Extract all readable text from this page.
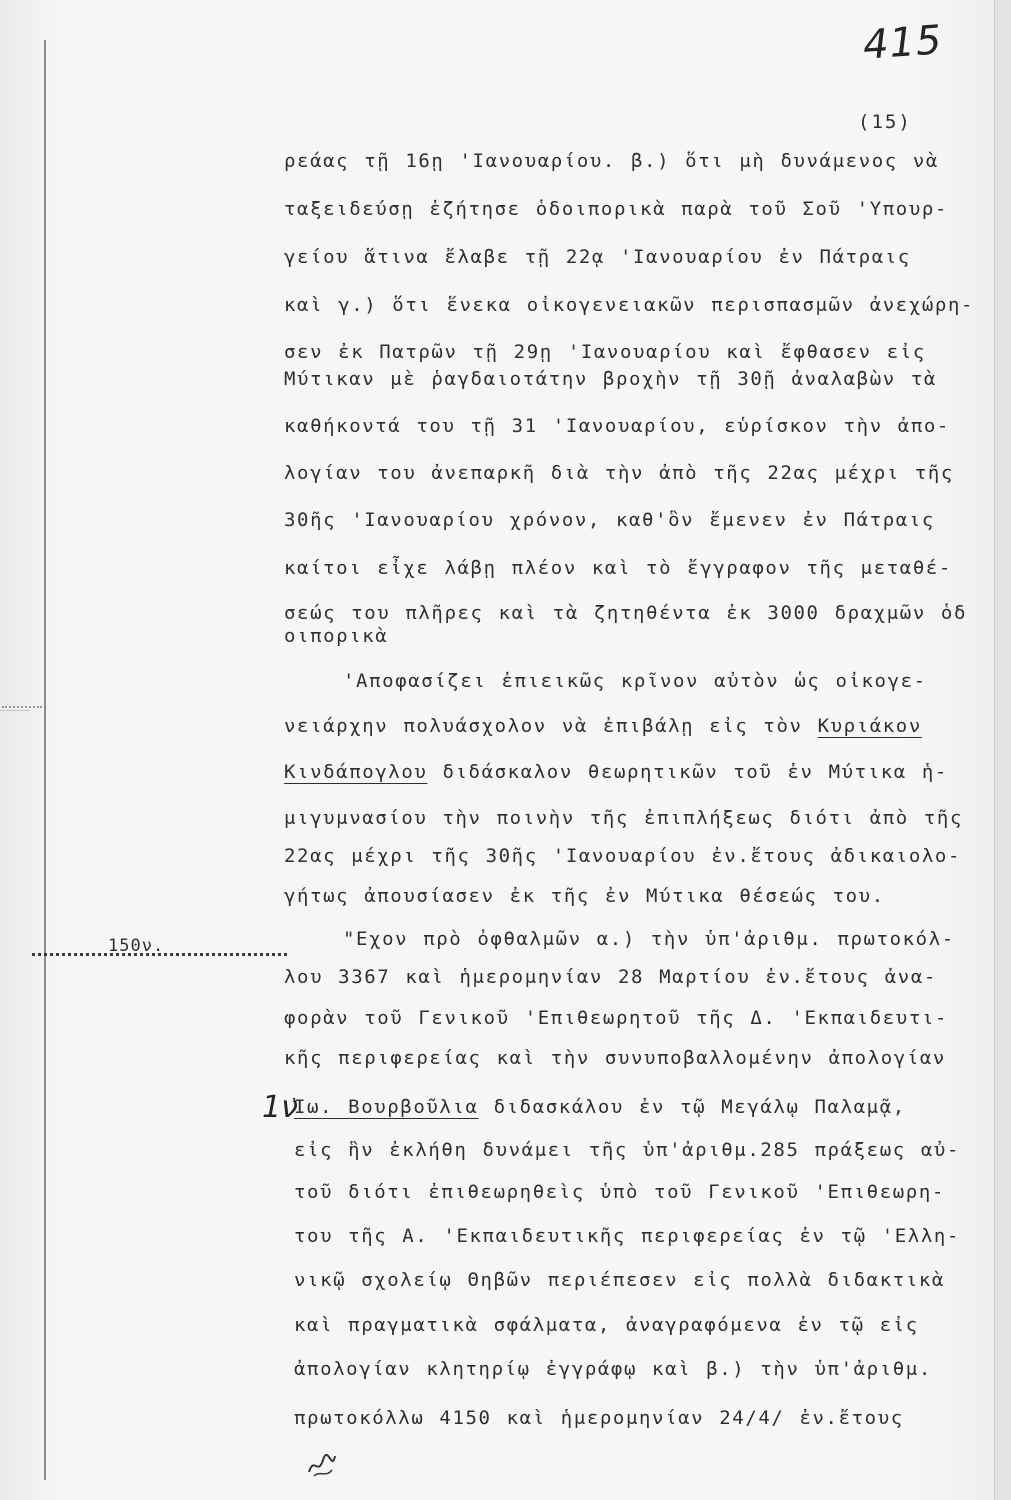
415
(15)
ρεάας τῇ 16ῃ 'Ιανουαρίου. β.) ὅτι μὴ δυνάμενος νὰ
ταξειδεύσῃ ἐζήτησε ὁδοιπορικὰ παρὰ τοῦ Σοῦ 'Υπουρ-
γείου ἅτινα ἔλαβε τῇ 22ᾳ 'Ιανουαρίου ἐν Πάτραις
καὶ γ.) ὅτι ἕνεκα οἰκογενειακῶν περισπασμῶν ἀνεχώρη-
σεν ἐκ Πατρῶν τῇ 29ῃ 'Ιανουαρίου καὶ ἔφθασεν εἰς
Μύτικαν μὲ ῥαγδαιοτάτην βροχὴν τῇ 30ῇ ἀναλαβὼν τὰ
καθήκοντά του τῇ 31 'Ιανουαρίου, εὑρίσκον τὴν ἀπο-
λογίαν του ἀνεπαρκῆ διὰ τὴν ἀπὸ τῆς 22ας μέχρι τῆς
30ῆς 'Ιανουαρίου χρόνον, καθ'ὃν ἔμενεν ἐν Πάτραις
καίτοι εἶχε λάβῃ πλέον καὶ τὸ ἔγγραφον τῆς μεταθέ-
σεώς του πλῆρες καὶ τὰ ζητηθέντα ἐκ 3000 δραχμῶν ὁδ
οιπορικὰ
'Αποφασίζει ἐπιεικῶς κρῖνον αὐτὸν ὡς οἰκογε-
νειάρχην πολυάσχολον νὰ ἐπιβάλῃ εἰς τὸν Κυριάκον
Κινδάπογλου διδάσκαλον θεωρητικῶν τοῦ ἐν Μύτικα ἡ-
μιγυμνασίου τὴν ποινὴν τῆς ἐπιπλήξεως διότι ἀπὸ τῆς
22ας μέχρι τῆς 30ῆς 'Ιανουαρίου ἐν.ἔτους ἀδικαιολο-
γήτως ἀπουσίασεν ἐκ τῆς ἐν Μύτικα θέσεώς του.
"Εχον πρὸ ὀφθαλμῶν α.) τὴν ὑπ'ἀριθμ. πρωτοκόλ-
λου 3367 καὶ ἡμερομηνίαν 28 Μαρτίου ἐν.ἔτους ἀνα-
φορὰν τοῦ Γενικοῦ 'Επιθεωρητοῦ τῆς Δ. 'Εκπαιδευτι-
κῆς περιφερείας καὶ τὴν συνυποβαλλομένην ἀπολογίαν
Ἰω. Βουρβοῦλια διδασκάλου ἐν τῷ Μεγάλῳ Παλαμᾷ,
εἰς ἣν ἐκλήθη δυνάμει τῆς ὑπ'ἀριθμ.285 πράξεως αὐ-
τοῦ διότι ἐπιθεωρηθεὶς ὑπὸ τοῦ Γενικοῦ 'Επιθεωρη-
του τῆς Α. 'Εκπαιδευτικῆς περιφερείας ἐν τῷ 'Ελλη-
νικῷ σχολείῳ Θηβῶν περιέπεσεν εἰς πολλὰ διδακτικὰ
καὶ πραγματικὰ σφάλματα, ἀναγραφόμενα ἐν τῷ εἰς
ἀπολογίαν κλητηρίῳ ἐγγράφῳ καὶ β.) τὴν ὑπ'ἀριθμ.
πρωτοκόλλω 4150 καὶ ἡμερομηνίαν 24/4/ ἐν.ἔτους
150ν.
1ν
